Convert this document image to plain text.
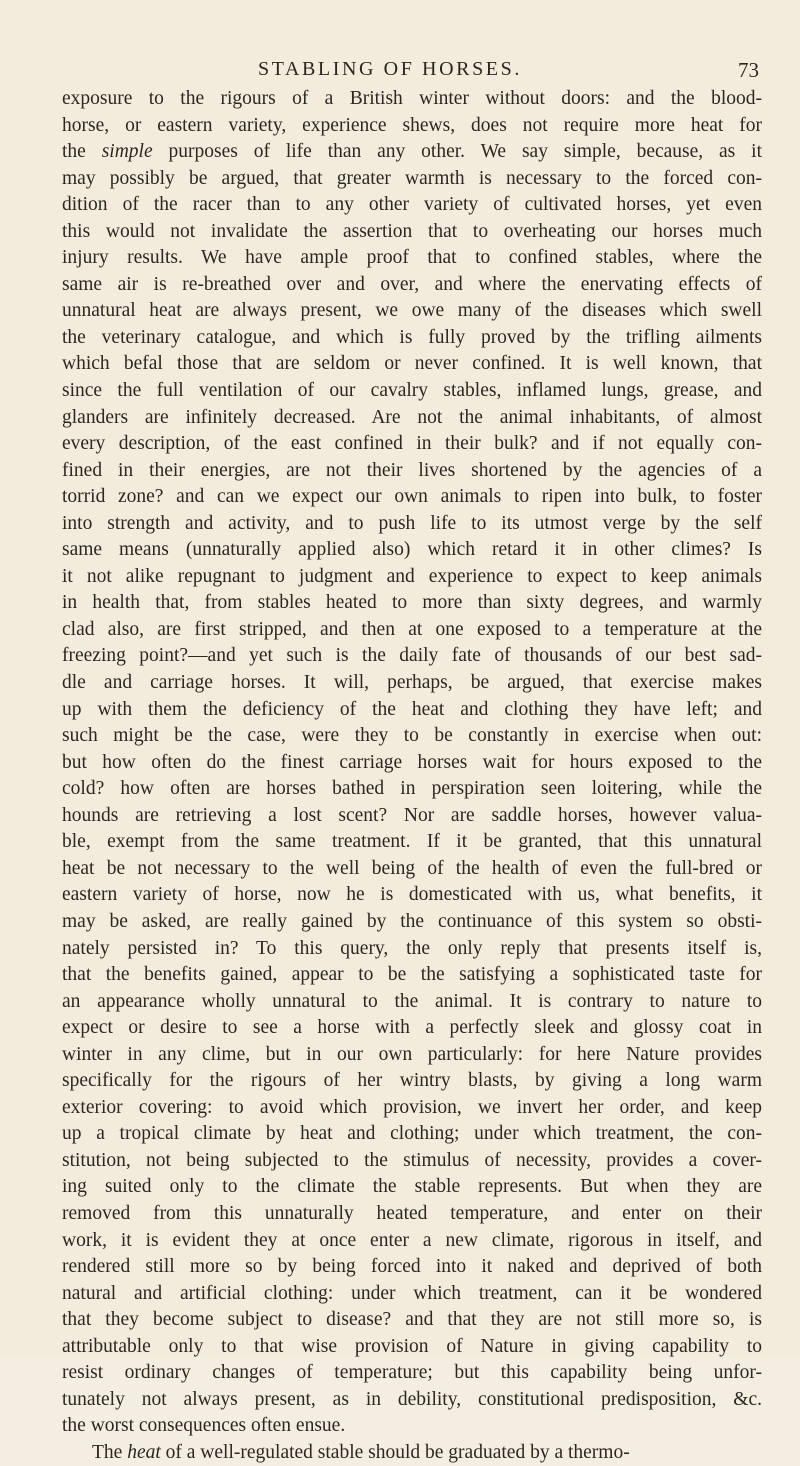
STABLING OF HORSES.	73
exposure to the rigours of a British winter without doors: and the blood-
horse, or eastern variety, experience shews, does not require more heat for
the simple purposes of life than any other. We say simple, because, as it
may possibly be argued, that greater warmth is necessary to the forced con-
dition of the racer than to any other variety of cultivated horses, yet even
this would not invalidate the assertion that to overheating our horses much
injury results. We have ample proof that to confined stables, where the
same air is re-breathed over and over, and where the enervating effects of
unnatural heat are always present, we owe many of the diseases which swell
the veterinary catalogue, and which is fully proved by the trifling ailments
which befal those that are seldom or never confined. It is well known, that
since the full ventilation of our cavalry stables, inflamed lungs, grease, and
glanders are infinitely decreased. Are not the animal inhabitants, of almost
every description, of the east confined in their bulk? and if not equally con-
fined in their energies, are not their lives shortened by the agencies of a
torrid zone? and can we expect our own animals to ripen into bulk, to foster
into strength and activity, and to push life to its utmost verge by the self
same means (unnaturally applied also) which retard it in other climes? Is
it not alike repugnant to judgment and experience to expect to keep animals
in health that, from stables heated to more than sixty degrees, and warmly
clad also, are first stripped, and then at one exposed to a temperature at the
freezing point?—and yet such is the daily fate of thousands of our best sad-
dle and carriage horses. It will, perhaps, be argued, that exercise makes
up with them the deficiency of the heat and clothing they have left; and
such might be the case, were they to be constantly in exercise when out:
but how often do the finest carriage horses wait for hours exposed to the
cold? how often are horses bathed in perspiration seen loitering, while the
hounds are retrieving a lost scent? Nor are saddle horses, however valua-
ble, exempt from the same treatment. If it be granted, that this unnatural
heat be not necessary to the well being of the health of even the full-bred or
eastern variety of horse, now he is domesticated with us, what benefits, it
may be asked, are really gained by the continuance of this system so obsti-
nately persisted in? To this query, the only reply that presents itself is,
that the benefits gained, appear to be the satisfying a sophisticated taste for
an appearance wholly unnatural to the animal. It is contrary to nature to
expect or desire to see a horse with a perfectly sleek and glossy coat in
winter in any clime, but in our own particularly: for here Nature provides
specifically for the rigours of her wintry blasts, by giving a long warm
exterior covering: to avoid which provision, we invert her order, and keep
up a tropical climate by heat and clothing; under which treatment, the con-
stitution, not being subjected to the stimulus of necessity, provides a cover-
ing suited only to the climate the stable represents. But when they are
removed from this unnaturally heated temperature, and enter on their
work, it is evident they at once enter a new climate, rigorous in itself, and
rendered still more so by being forced into it naked and deprived of both
natural and artificial clothing: under which treatment, can it be wondered
that they become subject to disease? and that they are not still more so, is
attributable only to that wise provision of Nature in giving capability to
resist ordinary changes of temperature; but this capability being unfor-
tunately not always present, as in debility, constitutional predisposition, &c.
the worst consequences often ensue.
The heat of a well-regulated stable should be graduated by a thermo-
